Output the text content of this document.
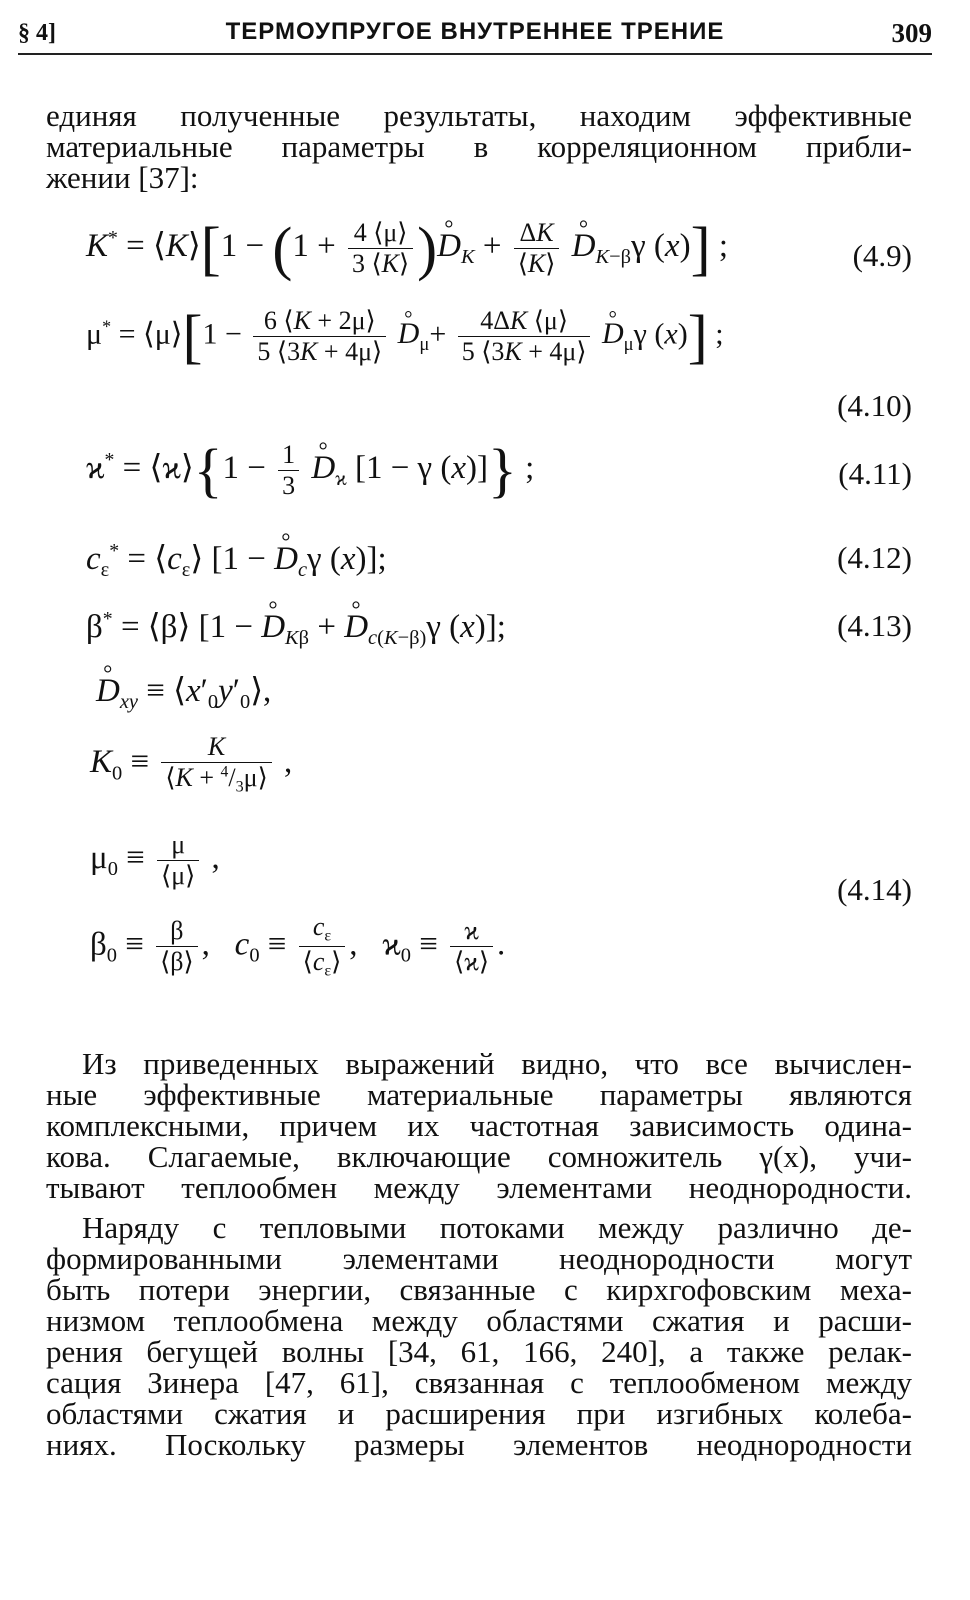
§ 4]	ТЕРМОУПРУГОЕ ВНУТРЕННЕЕ ТРЕНИЕ	309
единяя полученные результаты, находим эффективные
материальные параметры в корреляционном прибли-
жении [37]:
K* = ⟨K⟩[1 − ($1 + \frac{4 ⟨\mu⟩}{3 ⟨K⟩}$ )° $D_K + \frac{\Delta K}{⟨K⟩}$ ° $D_{K-\beta}\gamma$ (x)] ;	(4.9)
μ* = ⟨μ⟩[1 − $\frac{6 ⟨K + 2\mu⟩}{5 ⟨3K + 4\mu⟩}$ ° $D_\mu+ \frac{4\Delta K ⟨\mu⟩}{5 ⟨3K + 4\mu⟩}$ ° $D_\mu\gamma$ (x)] ;
(4.10)
ϰ* = ⟨ϰ⟩{1 − $\frac{1}{3}$ ° $D_ϰ$ [1 − γ (x)]} ;	(4.11)
$c_\varepsilon^*$ = $⟨c_\varepsilon⟩$ [1 − ° $D_c\gamma$ (x)];	(4.12)
β* = ⟨β⟩ [1 − ° $D_{K\beta}$ + ° $D_{c(K-\beta)}\gamma$ (x)];	(4.13)
° $D_{xy}$ ≡ $⟨x'_0y'_0⟩$,
$K_0 \equiv \frac{K}{⟨K + ^4/_3\mu⟩}$ ,
$\mu_0 \equiv \frac{\mu}{⟨\mu⟩}$ ,
(4.14)
$\beta_0 \equiv \frac{\beta}{⟨\beta⟩}$ ,   $c_0 \equiv \frac{c_\varepsilon}{⟨c_\varepsilon⟩}$ ,   $ϰ_0 \equiv \frac{ϰ}{⟨ϰ⟩}$ .
Из приведенных выражений видно, что все вычислен-
ные эффективные материальные параметры являются
комплексными, причем их частотная зависимость одина-
кова. Слагаемые, включающие сомножитель γ(x), учи-
тывают теплообмен между элементами неоднородности.
Наряду с тепловыми потоками между различно де-
формированными элементами неоднородности могут
быть потери энергии, связанные с кирхгофовским меха-
низмом теплообмена между областями сжатия и расши-
рения бегущей волны [34, 61, 166, 240], а также релак-
сация Зинера [47, 61], связанная с теплообменом между
областями сжатия и расширения при изгибных колеба-
ниях. Поскольку размеры элементов неоднородности
